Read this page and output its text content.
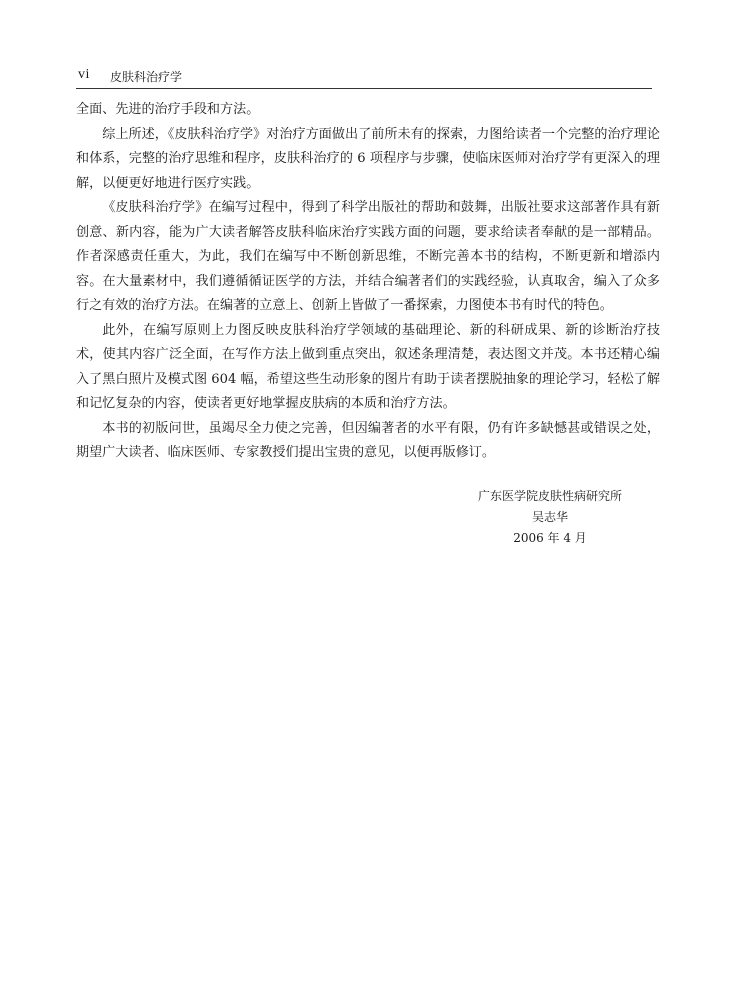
vi 皮肤科治疗学

全面、先进的治疗手段和方法。

综上所述，《皮肤科治疗学》对治疗方面做出了前所未有的探索，力图给读者一个完整的治疗理论和体系，完整的治疗思维和程序，皮肤科治疗的 6 项程序与步骤，使临床医师对治疗学有更深入的理解，以便更好地进行医疗实践。

《皮肤科治疗学》在编写过程中，得到了科学出版社的帮助和鼓舞，出版社要求这部著作具有新创意、新内容，能为广大读者解答皮肤科临床治疗实践方面的问题，要求给读者奉献的是一部精品。作者深感责任重大，为此，我们在编写中不断创新思维，不断完善本书的结构，不断更新和增添内容。在大量素材中，我们遵循循证医学的方法，并结合编著者们的实践经验，认真取舍，编入了众多行之有效的治疗方法。在编著的立意上、创新上皆做了一番探索，力图使本书有时代的特色。

此外，在编写原则上力图反映皮肤科治疗学领域的基础理论、新的科研成果、新的诊断治疗技术，使其内容广泛全面，在写作方法上做到重点突出，叙述条理清楚，表达图文并茂。本书还精心编入了黑白照片及模式图 604 幅，希望这些生动形象的图片有助于读者摆脱抽象的理论学习，轻松了解和记忆复杂的内容，使读者更好地掌握皮肤病的本质和治疗方法。

本书的初版问世，虽竭尽全力使之完善，但因编著者的水平有限，仍有许多缺憾甚或错误之处，期望广大读者、临床医师、专家教授们提出宝贵的意见，以便再版修订。

广东医学院皮肤性病研究所
吴志华
2006 年 4 月
